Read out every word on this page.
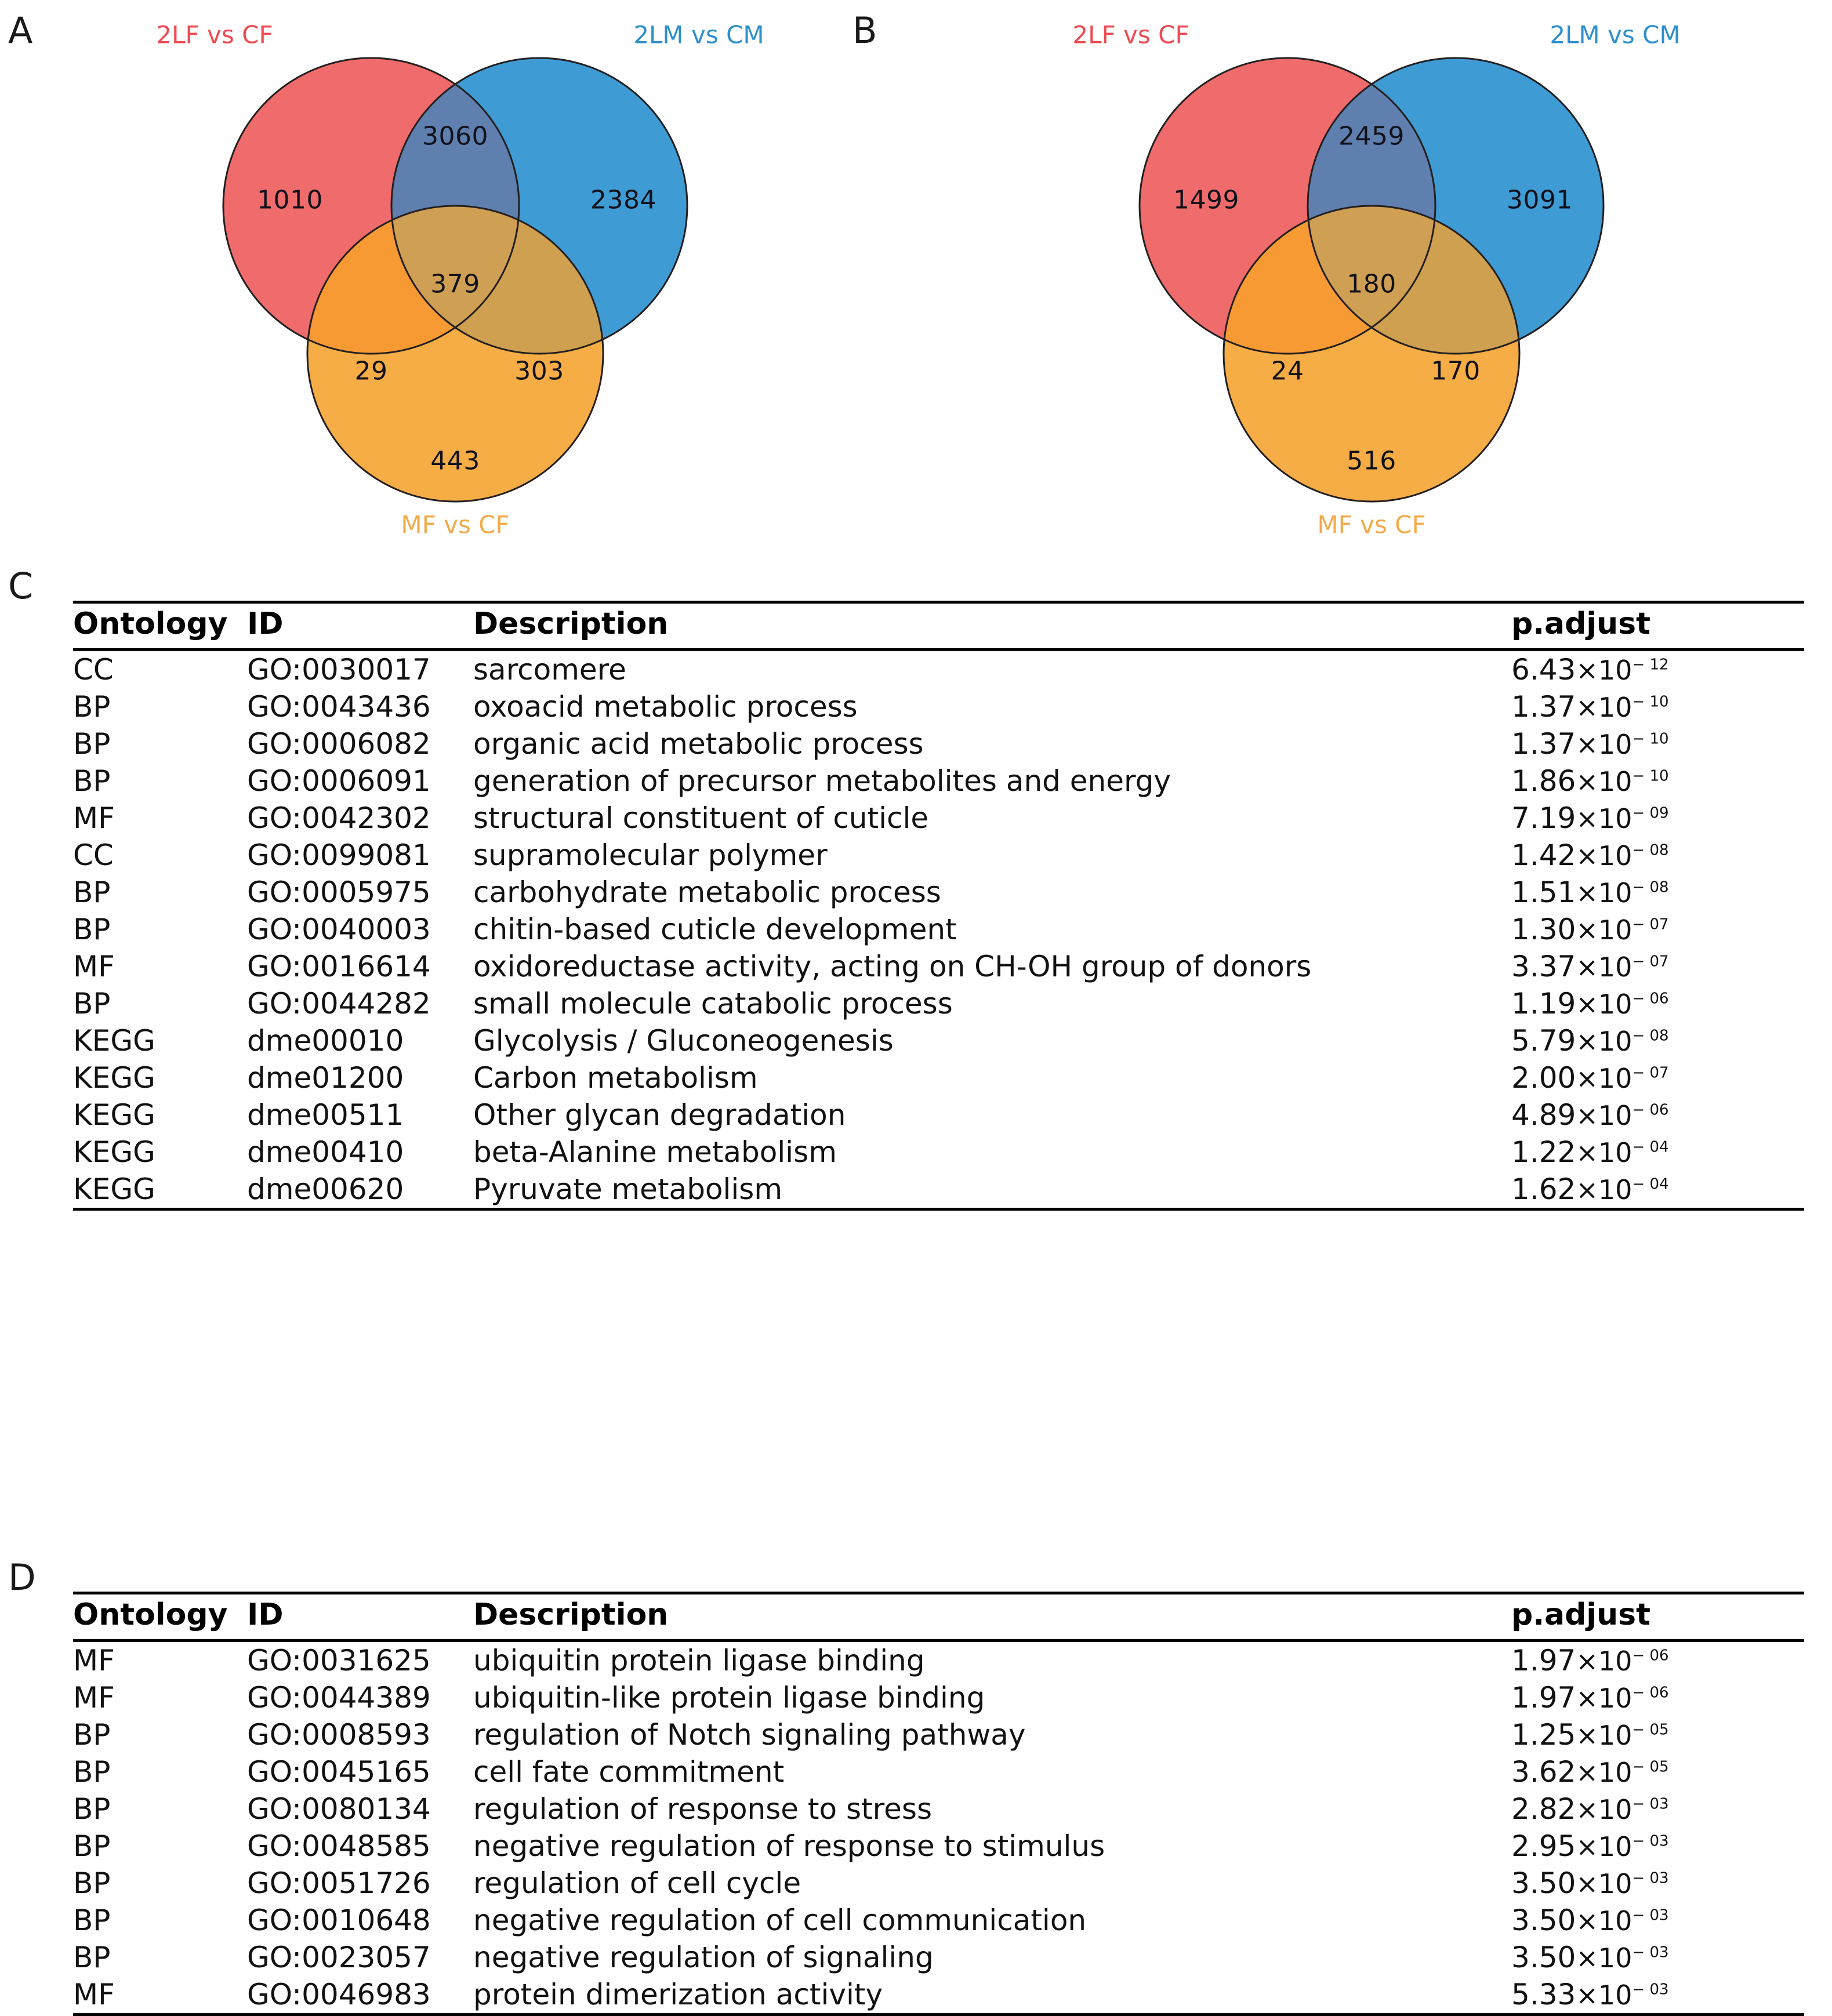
A	B
C
D
1010	2384
3060
379
29	303
443
2LF vs CF	2LM vs CM
MF vs CF
1499	3091
2459
180
24	170
516
2LF vs CF	2LM vs CM
MF vs CF
Ontology	ID	Description	p.adjust
CC	GO:0030017	sarcomere	$6.43\times 10^{- 12}$
BP	GO:0043436	oxoacid metabolic process	$1.37\times 10^{- 10}$
BP	GO:0006082	organic acid metabolic process	$1.37\times 10^{- 10}$
BP	GO:0006091	generation of precursor metabolites and energy	$1.86\times 10^{- 10}$
MF	GO:0042302	structural constituent of cuticle	$7.19\times 10^{- 09}$
CC	GO:0099081	supramolecular polymer	$1.42\times 10^{- 08}$
BP	GO:0005975	carbohydrate metabolic process	$1.51\times 10^{- 08}$
BP	GO:0040003	chitin-based cuticle development	$1.30\times 10^{- 07}$
MF	GO:0016614	oxidoreductase activity, acting on CH-OH group of donors	$3.37\times 10^{- 07}$
BP	GO:0044282	small molecule catabolic process	$1.19\times 10^{- 06}$
KEGG	dme00010	Glycolysis / Gluconeogenesis	$5.79\times 10^{- 08}$
KEGG	dme01200	Carbon metabolism	$2.00\times 10^{- 07}$
KEGG	dme00511	Other glycan degradation	$4.89\times 10^{- 06}$
KEGG	dme00410	beta-Alanine metabolism	$1.22\times 10^{- 04}$
KEGG	dme00620	Pyruvate metabolism	$1.62\times 10^{- 04}$
Ontology	ID	Description	p.adjust
MF	GO:0031625	ubiquitin protein ligase binding	$1.97\times 10^{- 06}$
MF	GO:0044389	ubiquitin-like protein ligase binding	$1.97\times 10^{- 06}$
BP	GO:0008593	regulation of Notch signaling pathway	$1.25\times 10^{- 05}$
BP	GO:0045165	cell fate commitment	$3.62\times 10^{- 05}$
BP	GO:0080134	regulation of response to stress	$2.82\times 10^{- 03}$
BP	GO:0048585	negative regulation of response to stimulus	$2.95\times 10^{- 03}$
BP	GO:0051726	regulation of cell cycle	$3.50\times 10^{- 03}$
BP	GO:0010648	negative regulation of cell communication	$3.50\times 10^{- 03}$
BP	GO:0023057	negative regulation of signaling	$3.50\times 10^{- 03}$
MF	GO:0046983	protein dimerization activity	$5.33\times 10^{- 03}$
